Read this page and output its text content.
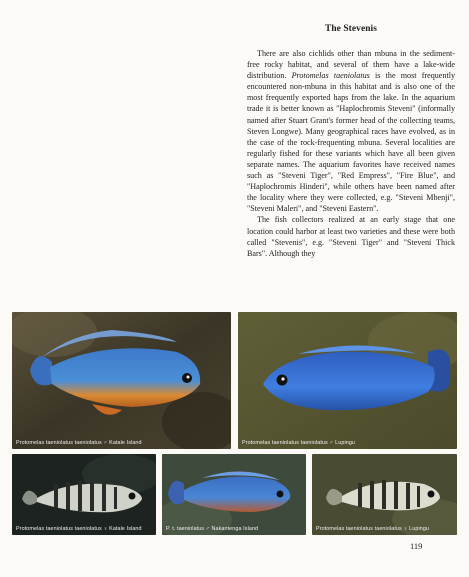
The Stevenis

There are also cichlids other than mbuna in the sediment-free rocky habitat, and several of them have a lake-wide distribution. Protomelas taeniolatus is the most frequently encountered non-mbuna in this habitat and is also one of the most frequently exported haps from the lake. In the aquarium trade it is better known as "Haplochromis Steveni" (informally named after Stuart Grant's former head of the collecting teams, Steven Longwe). Many geographical races have evolved, as in the case of the rock-frequenting mbuna. Several localities are regularly fished for these variants which have all been given separate names. The aquarium favorites have received names such as "Steveni Tiger", "Red Empress", "Fire Blue", and "Haplochromis Hinderi", while others have been named after the locality where they were collected, e.g. "Steveni Mbenji", "Steveni Maleri", and "Steveni Eastern".

The fish collectors realized at an early stage that one location could harbor at least two varieties and these were both called "Stevenis", e.g. "Steveni Tiger" and "Steveni Thick Bars". Although they

Protomelas taeniolatus taeniolatus ♂ Katale Island	Protomelas taeniolatus taeniolatus ♂ Lupingu
Protomelas taeniolatus taeniolatus ♀ Katale Island	P. t. taeniolatus ♂ Nakantenga Island	Protomelas taeniolatus taeniolatus ♀ Lupingu
119
